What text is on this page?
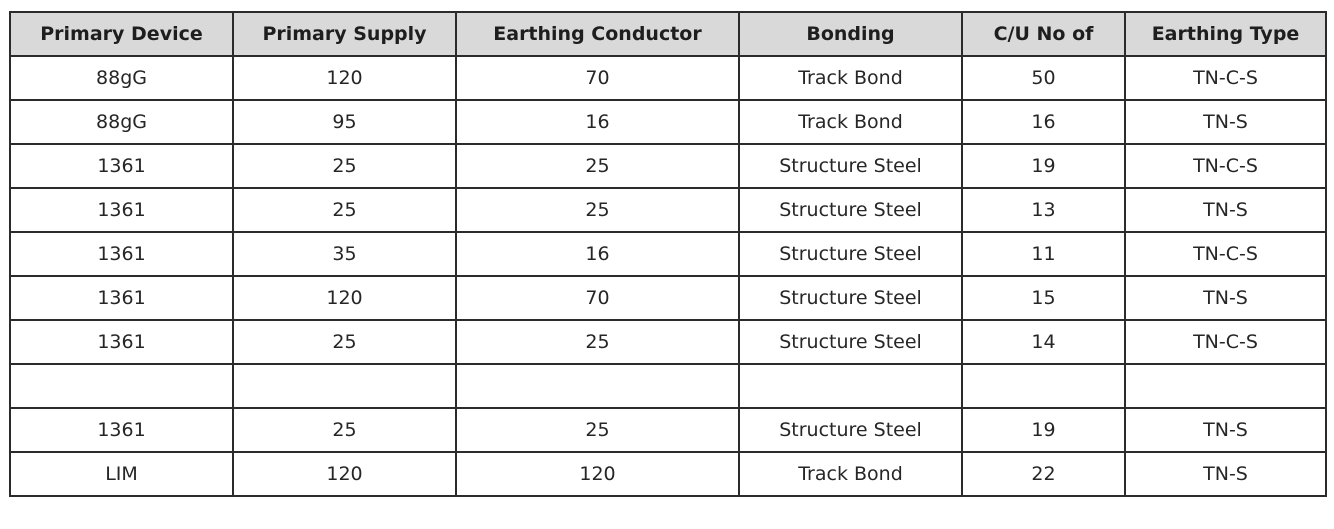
Primary Device	Primary Supply	Earthing Conductor	Bonding	C/U No of	Earthing Type
88gG	120	70	Track Bond	50	TN-C-S
88gG	95	16	Track Bond	16	TN-S
1361	25	25	Structure Steel	19	TN-C-S
1361	25	25	Structure Steel	13	TN-S
1361	35	16	Structure Steel	11	TN-C-S
1361	120	70	Structure Steel	15	TN-S
1361	25	25	Structure Steel	14	TN-C-S

1361	25	25	Structure Steel	19	TN-S
LIM	120	120	Track Bond	22	TN-S
